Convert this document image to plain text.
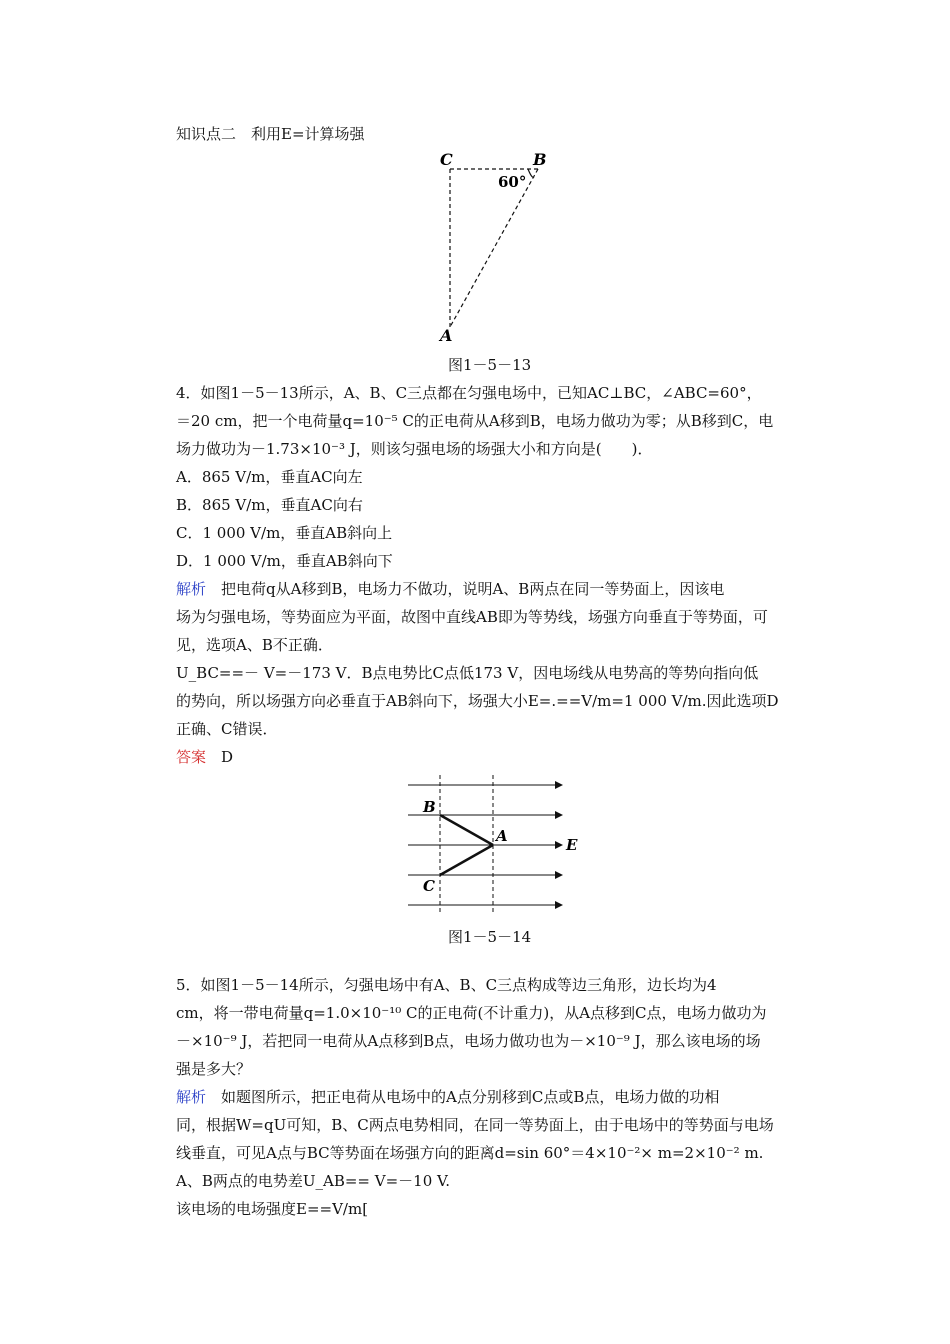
知识点二　利用E=计算场强
C	B
60°
A
图1－5－13
4．如图1－5－13所示，A、B、C三点都在匀强电场中，已知AC⊥BC，∠ABC=60°，
＝20 cm，把一个电荷量q=10⁻⁵ C的正电荷从A移到B，电场力做功为零；从B移到C，电
场力做功为－1.73×10⁻³ J，则该匀强电场的场强大小和方向是(　　)．
A．865 V/m，垂直AC向左
B．865 V/m，垂直AC向右
C．1 000 V/m，垂直AB斜向上
D．1 000 V/m，垂直AB斜向下
解析　把电荷q从A移到B，电场力不做功，说明A、B两点在同一等势面上，因该电
场为匀强电场，等势面应为平面，故图中直线AB即为等势线，场强方向垂直于等势面，可
见，选项A、B不正确．
U_BC==－ V=－173 V．B点电势比C点低173 V，因电场线从电势高的等势向指向低
的势向，所以场强方向必垂直于AB斜向下，场强大小E=.==V/m=1 000 V/m.因此选项D
正确、C错误．
答案　D
B
A
C
E
图1－5－14
5．如图1－5－14所示，匀强电场中有A、B、C三点构成等边三角形，边长均为4
cm，将一带电荷量q=1.0×10⁻¹⁰ C的正电荷(不计重力)，从A点移到C点，电场力做功为
－×10⁻⁹ J，若把同一电荷从A点移到B点，电场力做功也为－×10⁻⁹ J，那么该电场的场
强是多大？
解析　如题图所示，把正电荷从电场中的A点分别移到C点或B点，电场力做的功相
同，根据W=qU可知，B、C两点电势相同，在同一等势面上，由于电场中的等势面与电场
线垂直，可见A点与BC等势面在场强方向的距离d=sin 60°＝4×10⁻²× m=2×10⁻² m.
A、B两点的电势差U_AB== V=－10 V.
该电场的电场强度E==V/m[
